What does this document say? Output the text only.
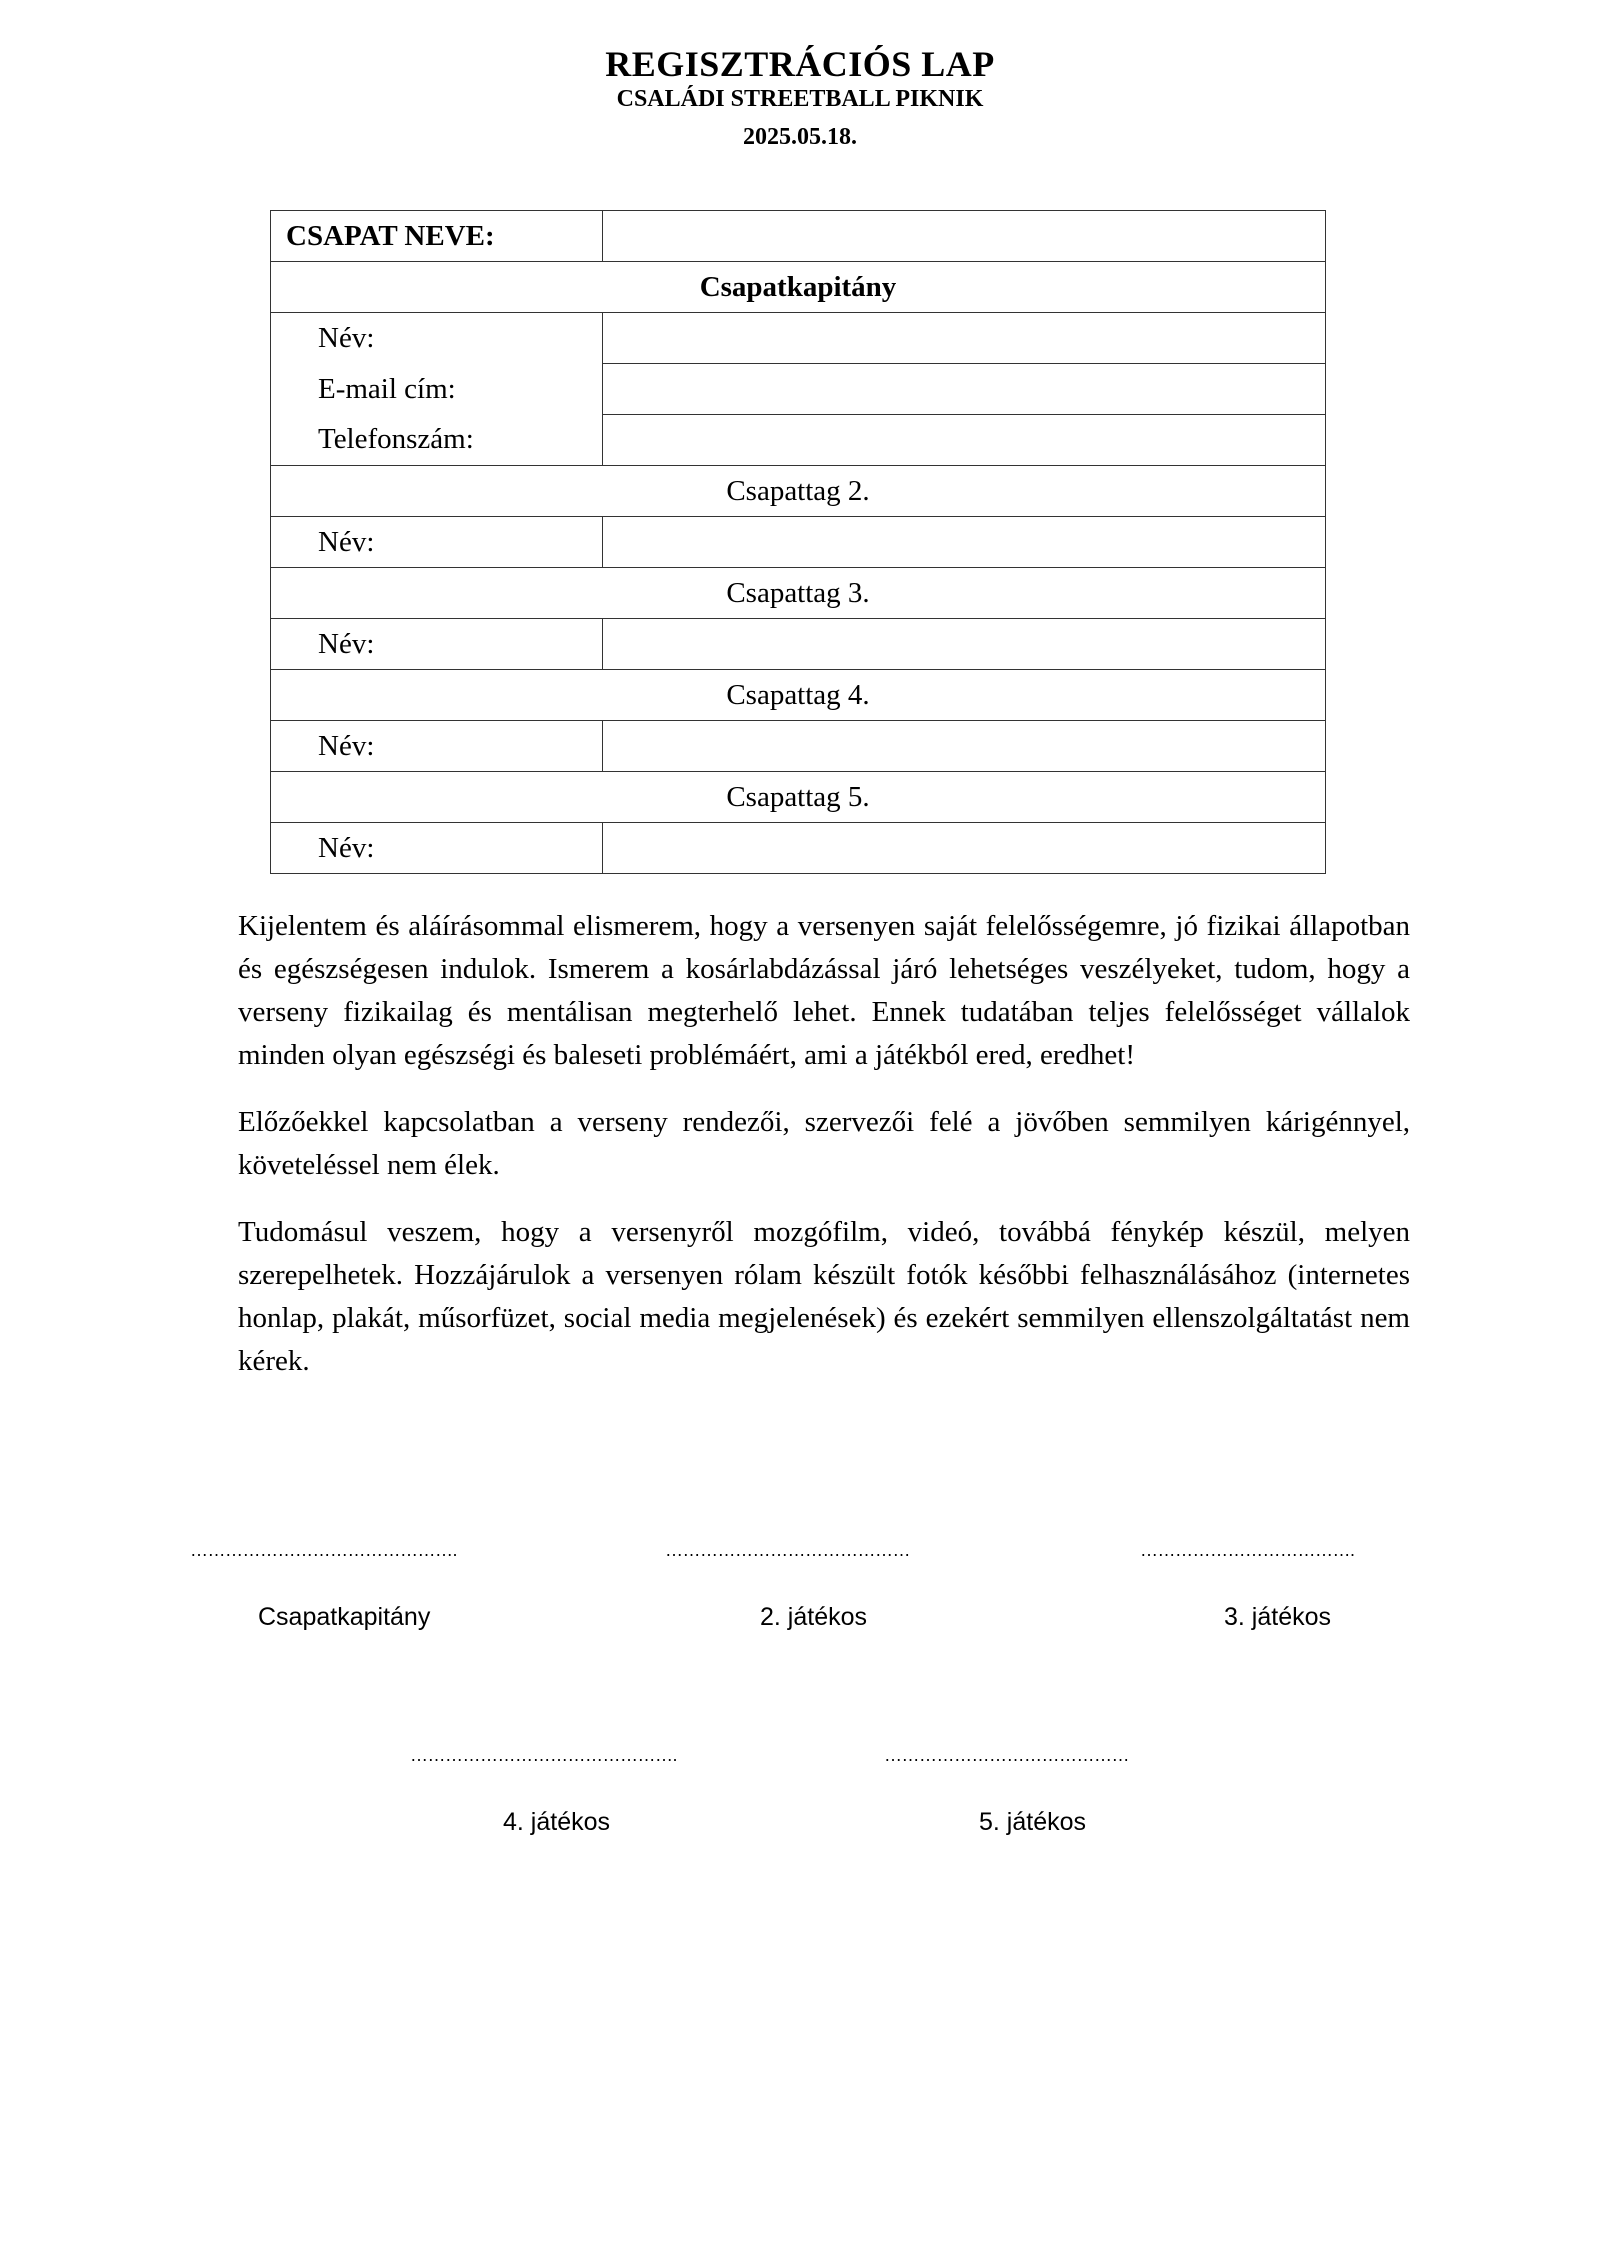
REGISZTRÁCIÓS LAP
CSALÁDI STREETBALL PIKNIK
2025.05.18.
CSAPAT NEVE:	
Csapatkapitány	
Név:	
E-mail cím:	
Telefonszám:	
Csapattag 2.	
Név:	
Csapattag 3.	
Név:	
Csapattag 4.	
Név:	
Csapattag 5.	
Név:	

Kijelentem és aláírásommal elismerem, hogy a versenyen saját felelősségemre, jó fizikai állapotban és egészségesen indulok. Ismerem a kosárlabdázással járó lehetséges veszélyeket, tudom, hogy a verseny fizikailag és mentálisan megterhelő lehet. Ennek tudatában teljes felelősséget vállalok minden olyan egészségi és baleseti problémáért, ami a játékból ered, eredhet!

Előzőekkel kapcsolatban a verseny rendezői, szervezői felé a jövőben semmilyen kárigénnyel, követeléssel nem élek.

Tudomásul veszem, hogy a versenyről mozgófilm, videó, továbbá fénykép készül, melyen szerepelhetek. Hozzájárulok a versenyen rólam készült fotók későbbi felhasználásához (internetes honlap, plakát, műsorfüzet, social media megjelenések) és ezekért semmilyen ellenszolgáltatást nem kérek.

……………………………………….	……………………………………	……………………………….
Csapatkapitány	2. játékos	3. játékos
……………………………………….	……………………………………
4. játékos	5. játékos
